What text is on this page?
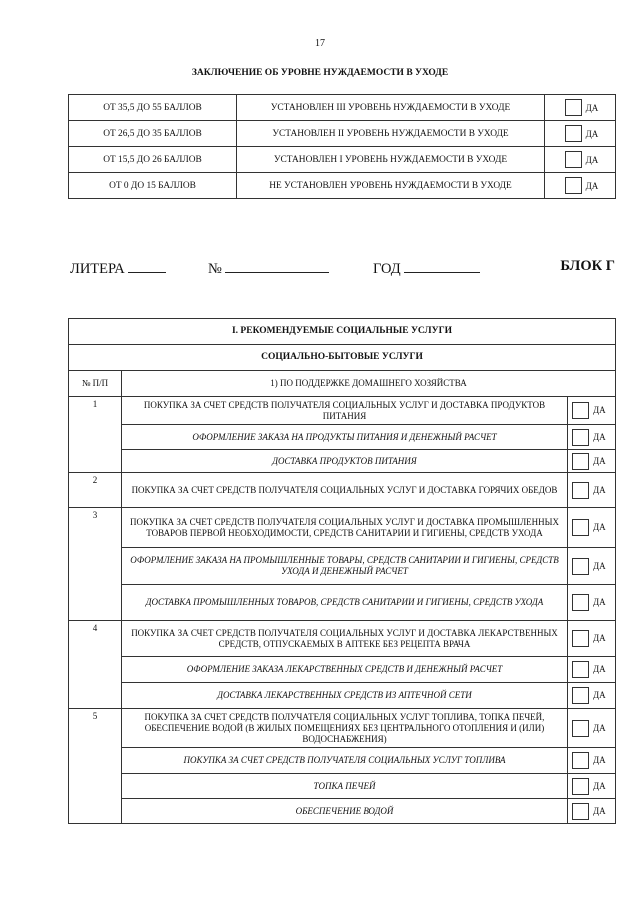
17
ЗАКЛЮЧЕНИЕ ОБ УРОВНЕ НУЖДАЕМОСТИ В УХОДЕ
ОТ 35,5 ДО 55 БАЛЛОВ	УСТАНОВЛЕН III УРОВЕНЬ НУЖДАЕМОСТИ В УХОДЕ	ДА
ОТ 26,5 ДО 35 БАЛЛОВ	УСТАНОВЛЕН II УРОВЕНЬ НУЖДАЕМОСТИ В УХОДЕ	ДА
ОТ 15,5 ДО 26 БАЛЛОВ	УСТАНОВЛЕН I УРОВЕНЬ НУЖДАЕМОСТИ В УХОДЕ	ДА
ОТ 0 ДО 15 БАЛЛОВ	НЕ УСТАНОВЛЕН УРОВЕНЬ НУЖДАЕМОСТИ В УХОДЕ	ДА
ЛИТЕРА	№	ГОД	БЛОК Г
I. РЕКОМЕНДУЕМЫЕ СОЦИАЛЬНЫЕ УСЛУГИ		
СОЦИАЛЬНО-БЫТОВЫЕ УСЛУГИ		
№ П/П	1) ПО ПОДДЕРЖКЕ ДОМАШНЕГО ХОЗЯЙСТВА	
1	ПОКУПКА ЗА СЧЕТ СРЕДСТВ ПОЛУЧАТЕЛЯ СОЦИАЛЬНЫХ УСЛУГ И ДОСТАВКА ПРОДУКТОВ ПИТАНИЯ	ДА
	ОФОРМЛЕНИЕ ЗАКАЗА НА ПРОДУКТЫ ПИТАНИЯ И ДЕНЕЖНЫЙ РАСЧЕТ	ДА
	ДОСТАВКА ПРОДУКТОВ ПИТАНИЯ	ДА
2	ПОКУПКА ЗА СЧЕТ СРЕДСТВ ПОЛУЧАТЕЛЯ СОЦИАЛЬНЫХ УСЛУГ И ДОСТАВКА ГОРЯЧИХ ОБЕДОВ	ДА
3	ПОКУПКА ЗА СЧЕТ СРЕДСТВ ПОЛУЧАТЕЛЯ СОЦИАЛЬНЫХ УСЛУГ И ДОСТАВКА ПРОМЫШЛЕННЫХ ТОВАРОВ ПЕРВОЙ НЕОБХОДИМОСТИ, СРЕДСТВ САНИТАРИИ И ГИГИЕНЫ, СРЕДСТВ УХОДА	ДА
	ОФОРМЛЕНИЕ ЗАКАЗА НА ПРОМЫШЛЕННЫЕ ТОВАРЫ, СРЕДСТВ САНИТАРИИ И ГИГИЕНЫ, СРЕДСТВ УХОДА И ДЕНЕЖНЫЙ РАСЧЕТ	ДА
	ДОСТАВКА ПРОМЫШЛЕННЫХ ТОВАРОВ, СРЕДСТВ САНИТАРИИ И ГИГИЕНЫ, СРЕДСТВ УХОДА	ДА
4	ПОКУПКА ЗА СЧЕТ СРЕДСТВ ПОЛУЧАТЕЛЯ СОЦИАЛЬНЫХ УСЛУГ И ДОСТАВКА ЛЕКАРСТВЕННЫХ СРЕДСТВ, ОТПУСКАЕМЫХ В АПТЕКЕ БЕЗ РЕЦЕПТА ВРАЧА	ДА
	ОФОРМЛЕНИЕ ЗАКАЗА ЛЕКАРСТВЕННЫХ СРЕДСТВ И ДЕНЕЖНЫЙ РАСЧЕТ	ДА
	ДОСТАВКА ЛЕКАРСТВЕННЫХ СРЕДСТВ ИЗ АПТЕЧНОЙ СЕТИ	ДА
5	ПОКУПКА ЗА СЧЕТ СРЕДСТВ ПОЛУЧАТЕЛЯ СОЦИАЛЬНЫХ УСЛУГ ТОПЛИВА, ТОПКА ПЕЧЕЙ, ОБЕСПЕЧЕНИЕ ВОДОЙ (В ЖИЛЫХ ПОМЕЩЕНИЯХ БЕЗ ЦЕНТРАЛЬНОГО ОТОПЛЕНИЯ И (ИЛИ) ВОДОСНАБЖЕНИЯ)	ДА
	ПОКУПКА ЗА СЧЕТ СРЕДСТВ ПОЛУЧАТЕЛЯ СОЦИАЛЬНЫХ УСЛУГ ТОПЛИВА	ДА
	ТОПКА ПЕЧЕЙ	ДА
	ОБЕСПЕЧЕНИЕ ВОДОЙ	ДА
